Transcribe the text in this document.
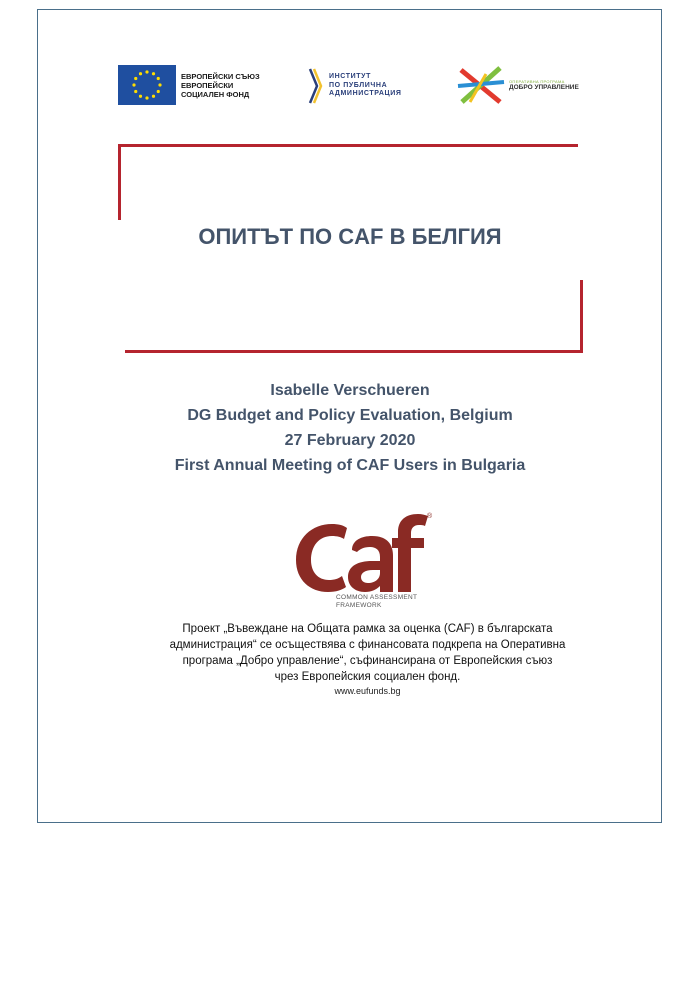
ЕВРОПЕЙСКИ СЪЮЗ
ЕВРОПЕЙСКИ
СОЦИАЛЕН ФОНД
ИНСТИТУТ
ПО ПУБЛИЧНА
АДМИНИСТРАЦИЯ
ОПЕРАТИВНА ПРОГРАМА
ДОБРО УПРАВЛЕНИЕ
ОПИТЪТ ПО CAF В БЕЛГИЯ
Isabelle Verschueren
DG Budget and Policy Evaluation, Belgium
27 February 2020
First Annual Meeting of CAF Users in Bulgaria
®
COMMON ASSESSMENT
FRAMEWORK
Проект „Въвеждане на Общата рамка за оценка (CAF) в българската
администрация“ се осъществява с финансовата подкрепа на Оперативна
програма „Добро управление“, съфинансирана от Европейския съюз
чрез Европейския социален фонд.
www.eufunds.bg
